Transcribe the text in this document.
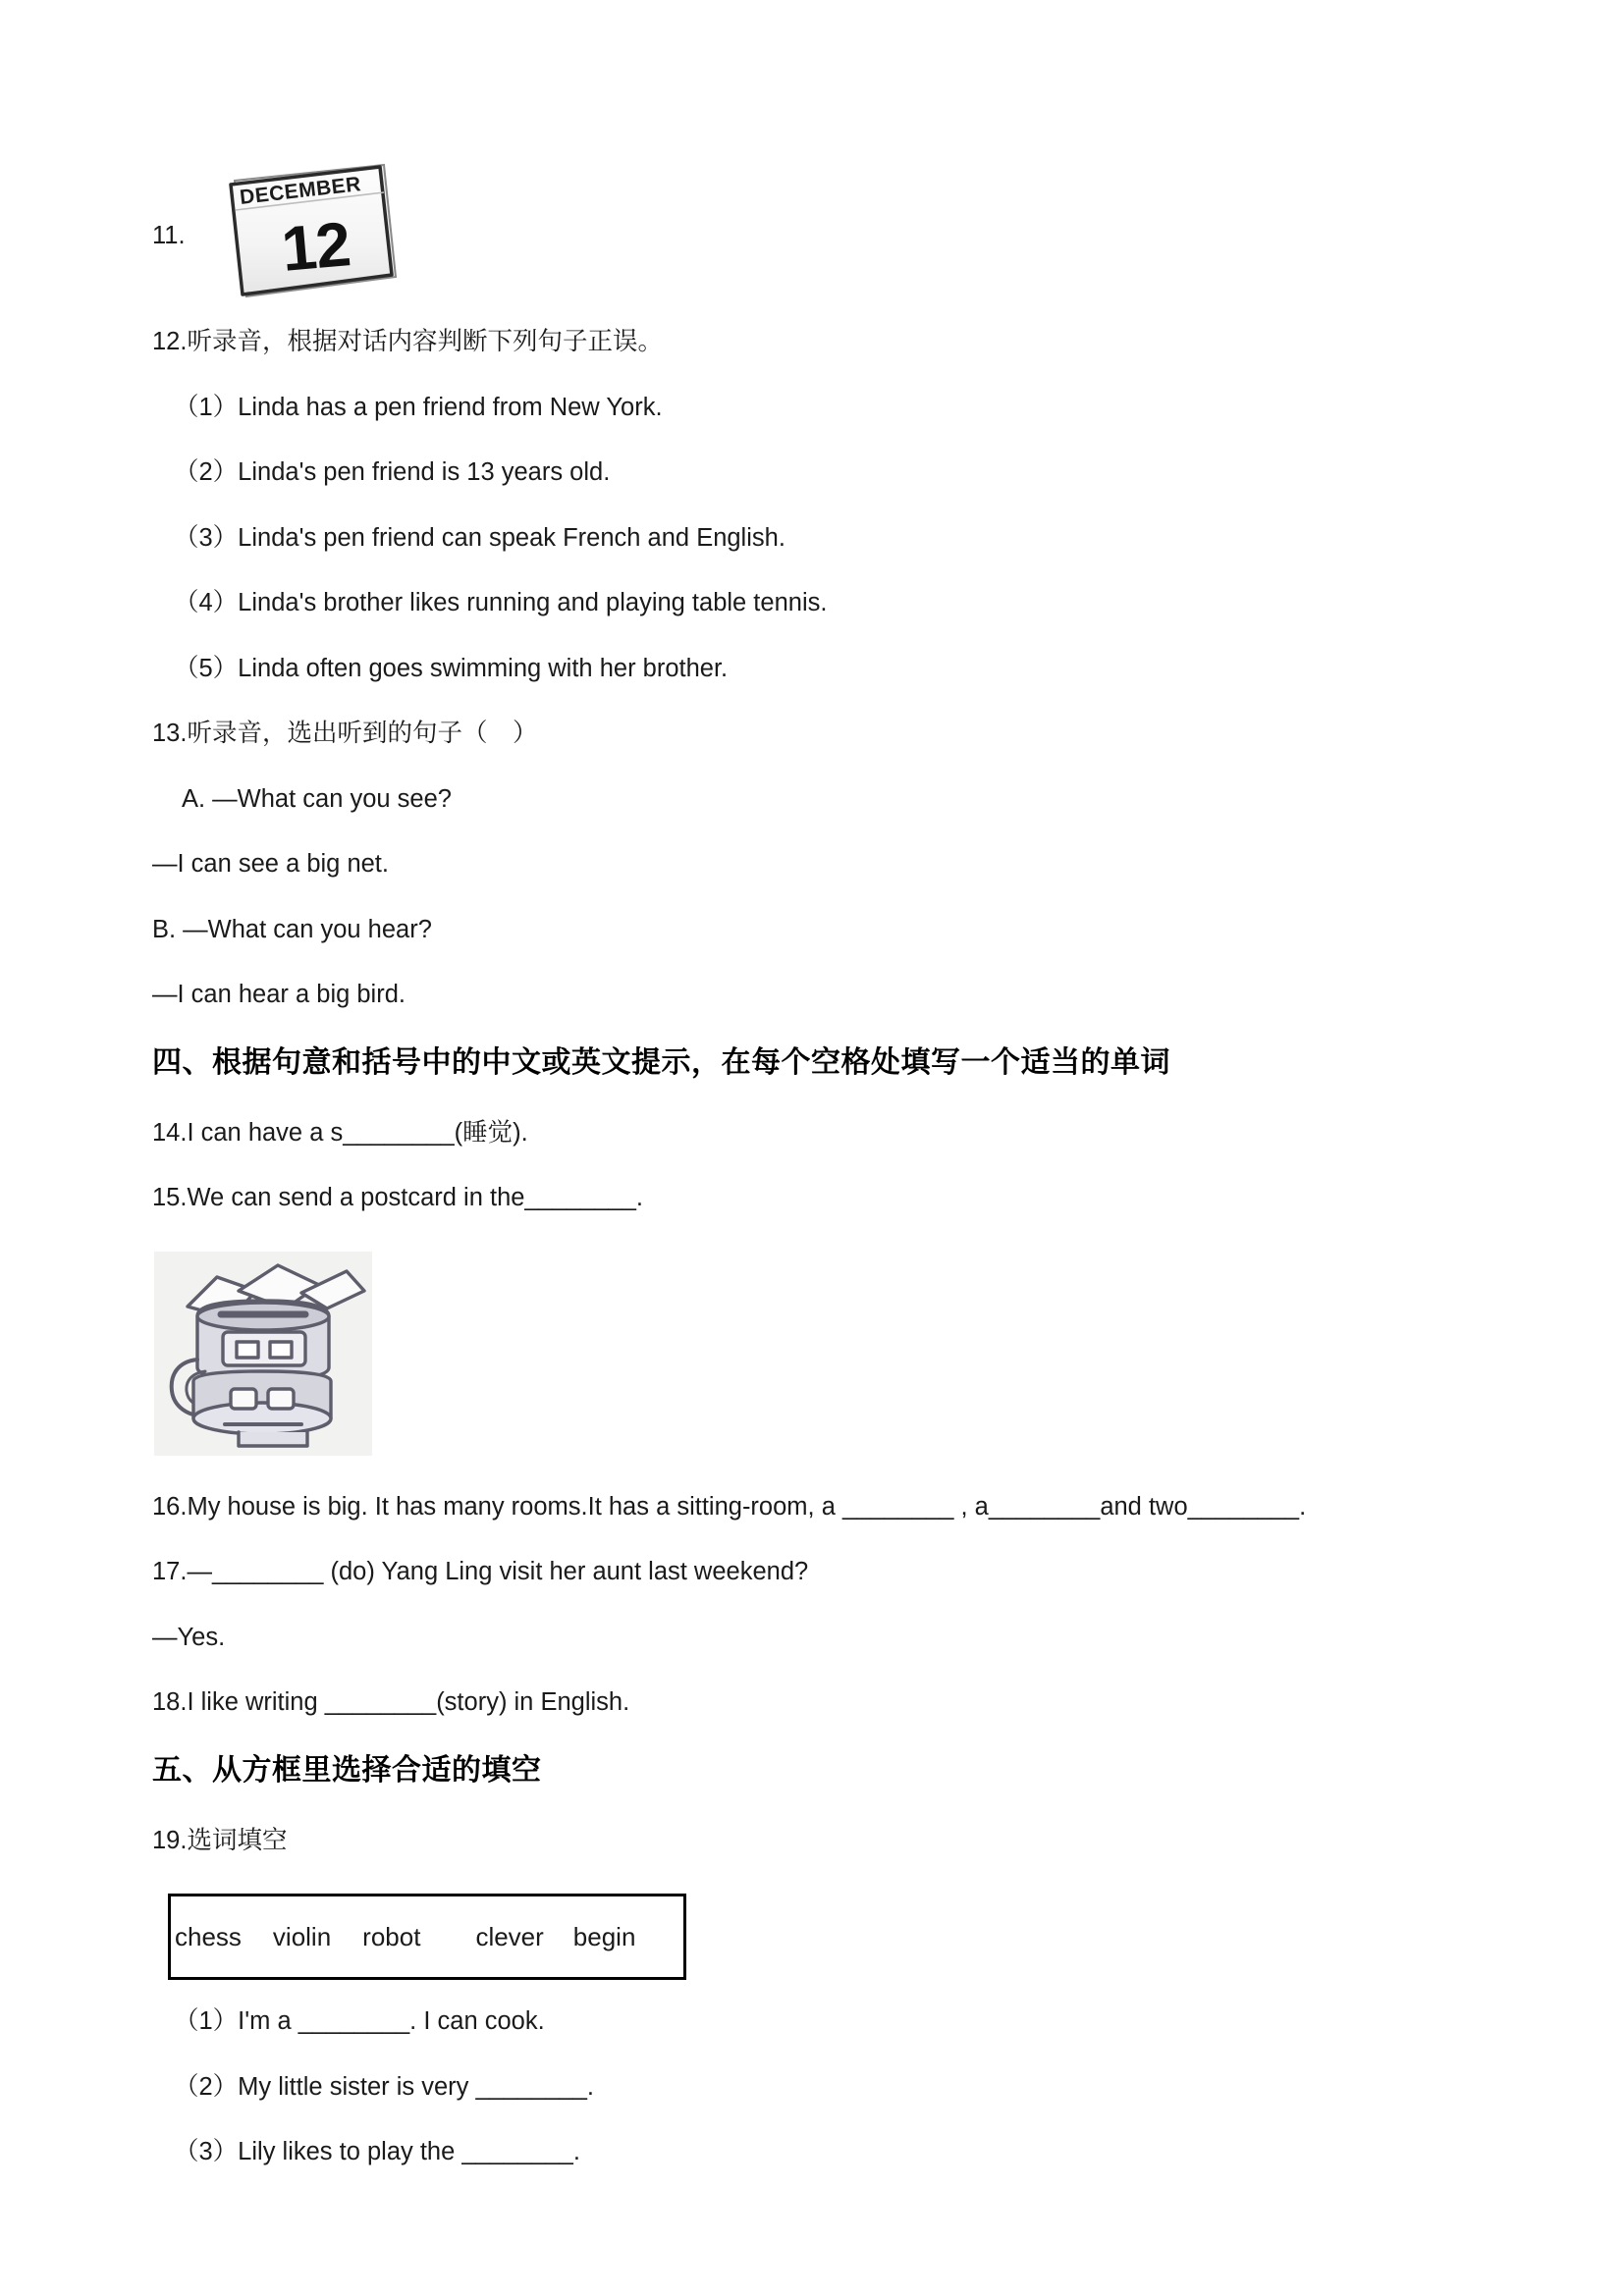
11.
DECEMBER
12

12.听录音，根据对话内容判断下列句子正误。

（1）Linda has a pen friend from New York.

（2）Linda's pen friend is 13 years old.

（3）Linda's pen friend can speak French and English.

（4）Linda's brother likes running and playing table tennis.

（5）Linda often goes swimming with her brother.

13.听录音，选出听到的句子（　）

A. —What can you see?

—I can see a big net.

B. —What can you hear?

—I can hear a big bird.

四、根据句意和括号中的中文或英文提示，在每个空格处填写一个适当的单词

14.I can have a s________(睡觉).

15.We can send a postcard in the________.

16.My house is big. It has many rooms.It has a sitting-room, a ________ , a________and two________.

17.—________ (do) Yang Ling visit her aunt last weekend?

—Yes.

18.I like writing ________(story) in English.

五、从方框里选择合适的填空

19.选词填空

chess violin robot clever begin

（1）I'm a ________. I can cook.

（2）My little sister is very ________.

（3）Lily likes to play the ________.
